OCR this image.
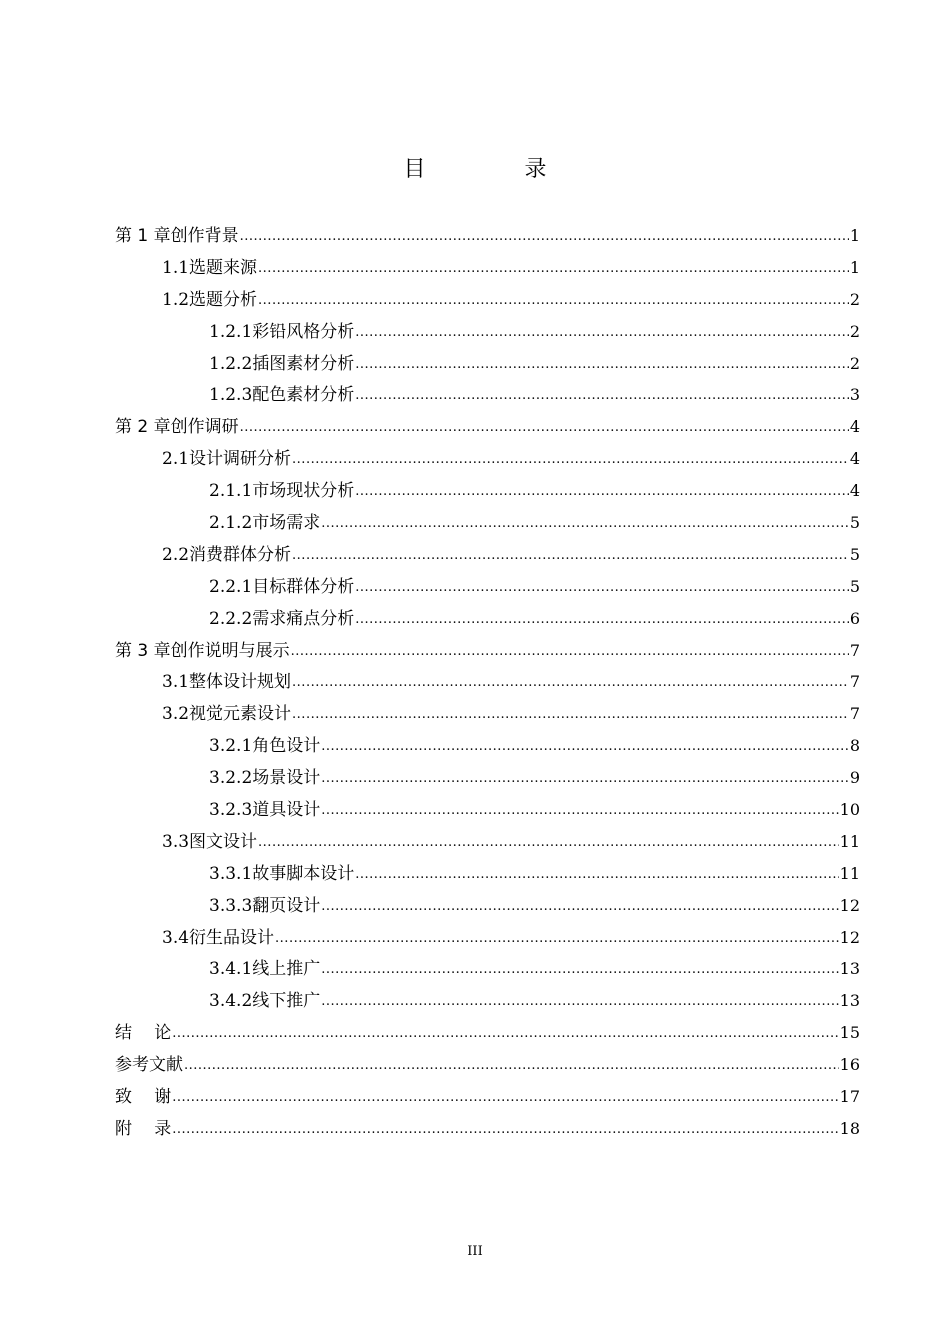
目 录
第 1 章 创作背景 .....	1
1.1 选题来源 .....	1
1.2 选题分析 .....	2
1.2.1 彩铅风格分析 .....	2
1.2.2 插图素材分析 .....	2
1.2.3 配色素材分析 .....	3
第 2 章 创作调研 .....	4
2.1 设计调研分析 .....	4
2.1.1 市场现状分析 .....	4
2.1.2 市场需求 .....	5
2.2 消费群体分析 .....	5
2.2.1 目标群体分析 .....	5
2.2.2 需求痛点分析 .....	6
第 3 章 创作说明与展示 .....	7
3.1 整体设计规划 .....	7
3.2 视觉元素设计 .....	7
3.2.1 角色设计 .....	8
3.2.2 场景设计 .....	9
3.2.3 道具设计 .....	10
3.3 图文设计 .....	11
3.3.1 故事脚本设计 .....	11
3.3.3 翻页设计 .....	12
3.4 衍生品设计 .....	12
3.4.1 线上推广 .....	13
3.4.2 线下推广 .....	13
结 论 .....	15
参考文献 .....	16
致 谢 .....	17
附 录 .....	18
III
